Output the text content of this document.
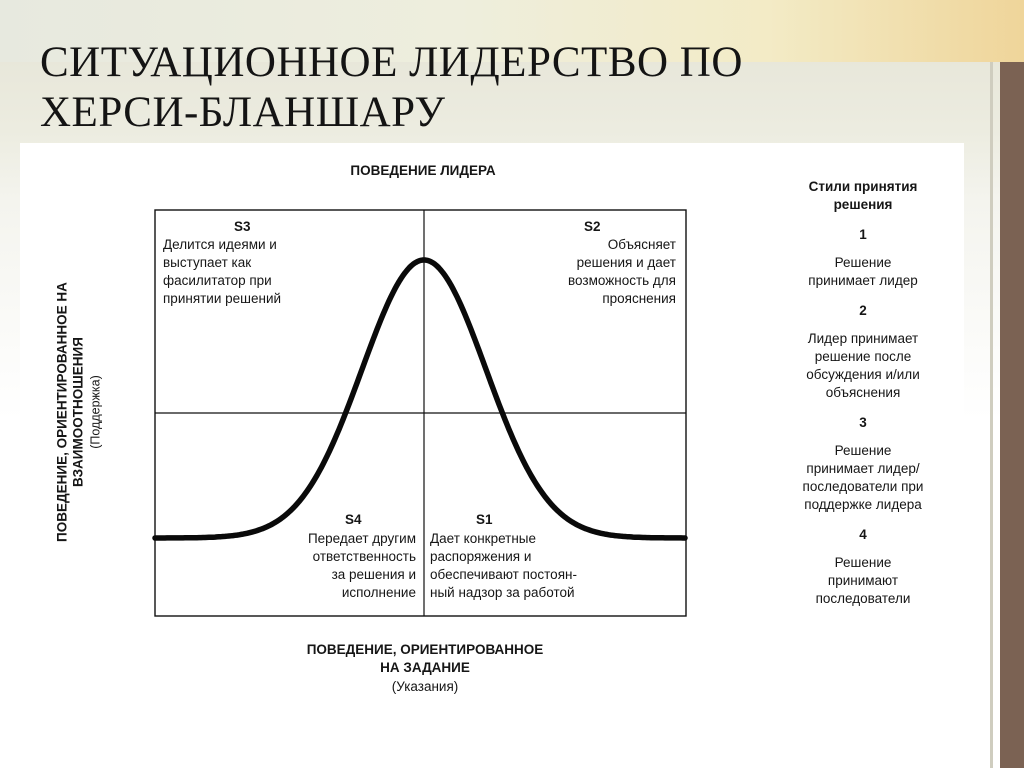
СИТУАЦИОННОЕ ЛИДЕРСТВО ПО
ХЕРСИ-БЛАНШАРУ
ПОВЕДЕНИЕ ЛИДЕРА
ПОВЕДЕНИЕ, ОРИЕНТИРОВАННОЕ НА ВЗАИМООТНОШЕНИЯ (Поддержка)
S3
Делится идеями и
выступает как
фасилитатор при
принятии решений
S2
Объясняет
решения и дает
возможность для
прояснения
S4
Передает другим
ответственность
за решения и
исполнение
S1
Дает конкретные
распоряжения и
обеспечивают постоян-
ный надзор за работой
ПОВЕДЕНИЕ, ОРИЕНТИРОВАННОЕ
НА ЗАДАНИЕ
(Указания)
Стили принятия
решения
1
Решение
принимает лидер
2
Лидер принимает
решение после
обсуждения и/или
объяснения
3
Решение
принимает лидер/
последователи при
поддержке лидера
4
Решение
принимают
последователи
